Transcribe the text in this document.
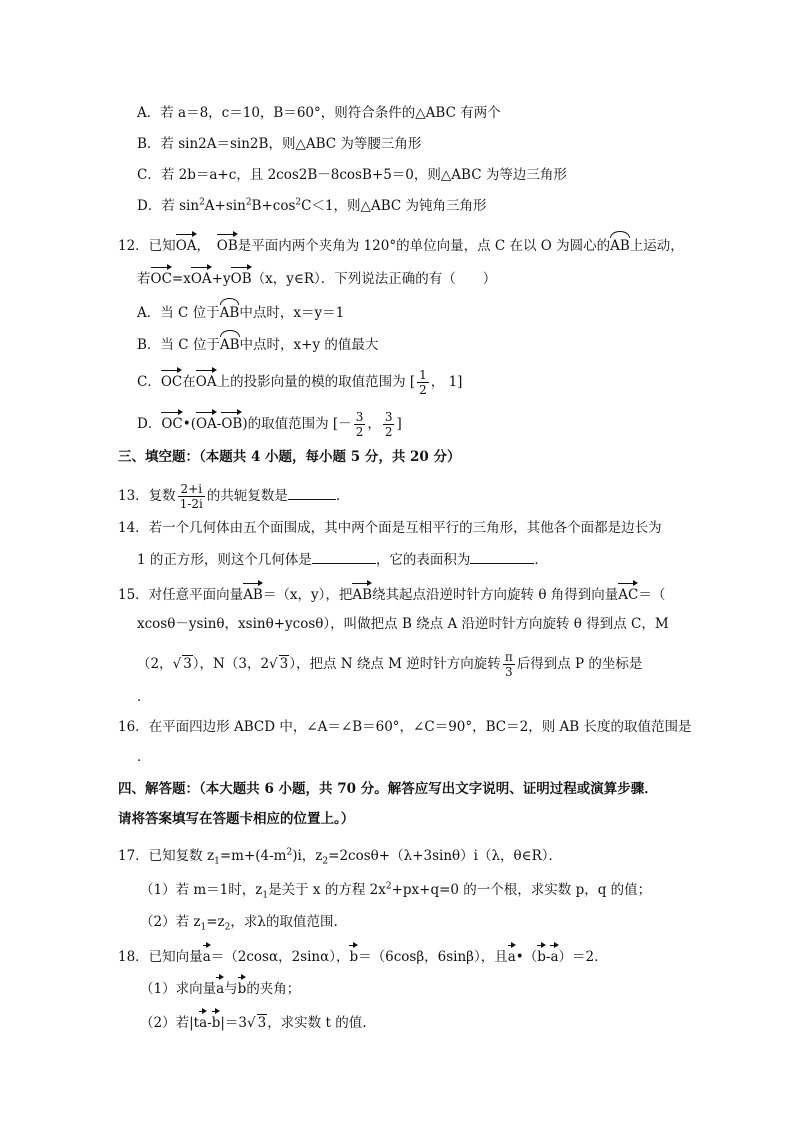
A．若 a＝8，c＝10，B＝60°，则符合条件的△ABC 有两个
B．若 sin2A＝sin2B，则△ABC 为等腰三角形
C．若 2b＝a+c，且 2cos2B－8cosB+5＝0，则△ABC 为等边三角形
D．若 $\sin^2A+\sin^2B+\cos^2C<1$，则△ABC 为钝角三角形
12．已知OA，　 OB是平面内两个夹角为 120°的单位向量，点 C 在以 O 为圆心的AB上运动，
若OC=xOA+yOB（x，y∈R）．下列说法正确的有（　　）
A．当 C 位于AB中点时，x＝y＝1
B．当 C 位于AB中点时，x+y 的值最大
C．OC在OA上的投影向量的模的取值范围为 [ $\frac{1}{2}$ ， 1]
D．OC•(OA-OB)的取值范围为 [－ $\frac{3}{2}$ ， $\frac{3}{2}$ ]
三、填空题：（本题共 4 小题，每小题 5 分，共 20 分）
13．复数 $\frac{2+i}{1-2i}$ 的共轭复数是	．
14．若一个几何体由五个面围成，其中两个面是互相平行的三角形，其他各个面都是边长为
1 的正方形，则这个几何体是	，它的表面积为	．
15．对任意平面向量AB＝（x，y），把AB绕其起点沿逆时针方向旋转 θ 角得到向量AC＝（
xcosθ－ysinθ，xsinθ+ycosθ），叫做把点 B 绕点 A 沿逆时针方向旋转 θ 得到点 C，M
（2，√ 3），N（3，2√ 3），把点 N 绕点 M 逆时针方向旋转 $\frac{\pi}{3}$ 后得到点 P 的坐标是
．
16．在平面四边形 ABCD 中，∠A＝∠B＝60°，∠C＝90°，BC＝2，则 AB 长度的取值范围是
．
四、解答题：（本大题共 6 小题，共 70 分。解答应写出文字说明、证明过程或演算步骤．
请将答案填写在答题卡相应的位置上。）
17．已知复数 $z_1=m+(4-m^2)i$，$z_2=2\cos\theta+(\lambda+3\sin\theta)i(\lambda$，θ∈R）．
（1）若 m＝1时，$z_1$是关于 x 的方程 $2x^2+px+q=0$ 的一个根，求实数 p，q 的值；
（2）若 $z_1=z_2$，求λ的取值范围.
18．已知向量a＝（2cosα，2sinα），b＝（6cosβ，6sinβ），且a•（b-a）＝2．
（1）求向量a与b的夹角；
（2）若|ta-b|＝3√ 3，求实数 t 的值.
